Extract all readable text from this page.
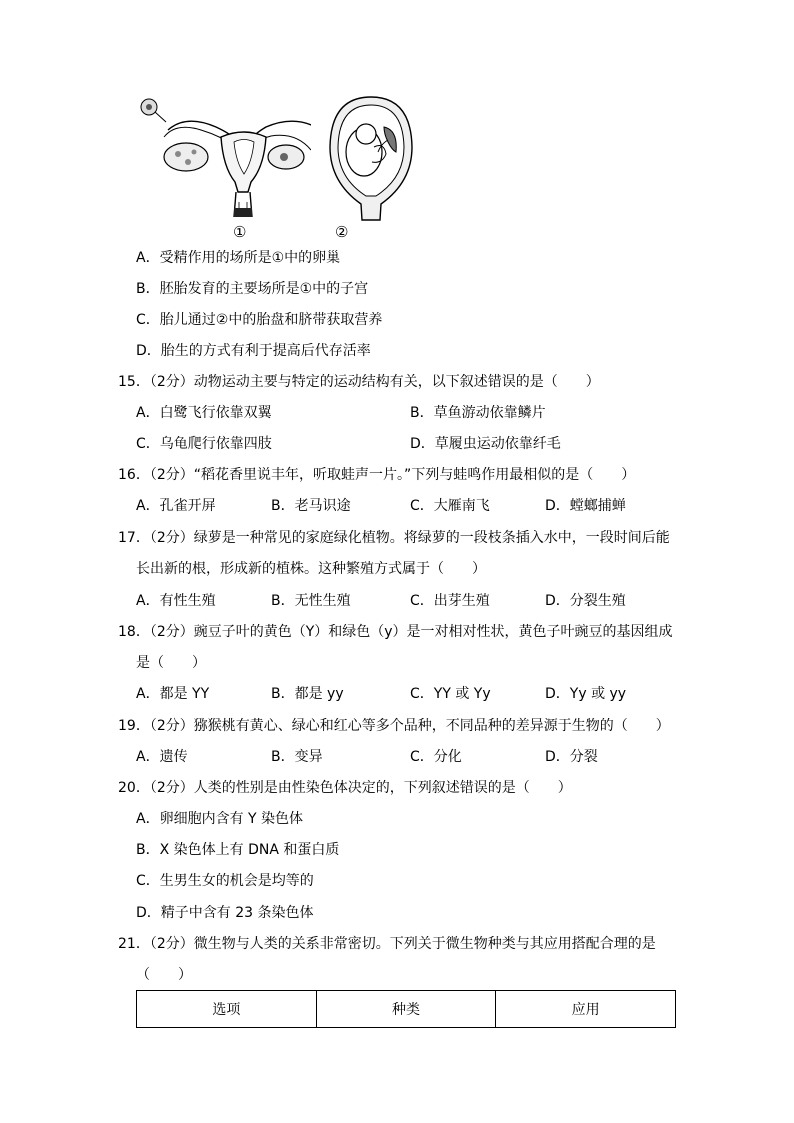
①	②
A．受精作用的场所是①中的卵巢
B．胚胎发育的主要场所是①中的子宫
C．胎儿通过②中的胎盘和脐带获取营养
D．胎生的方式有利于提高后代存活率
15．（2分）动物运动主要与特定的运动结构有关，以下叙述错误的是（　　）
A．白鹭飞行依靠双翼	B．草鱼游动依靠鳞片
C．乌龟爬行依靠四肢	D．草履虫运动依靠纤毛
16．（2分）“稻花香里说丰年，听取蛙声一片。”下列与蛙鸣作用最相似的是（　　）
A．孔雀开屏	B．老马识途	C．大雁南飞	D．螳螂捕蝉
17．（2分）绿萝是一种常见的家庭绿化植物。将绿萝的一段枝条插入水中，一段时间后能
长出新的根，形成新的植株。这种繁殖方式属于（　　）
A．有性生殖	B．无性生殖	C．出芽生殖	D．分裂生殖
18．（2分）豌豆子叶的黄色（Y）和绿色（y）是一对相对性状，黄色子叶豌豆的基因组成
是（　　）
A．都是 YY	B．都是 yy	C．YY 或 Yy	D．Yy 或 yy
19．（2分）猕猴桃有黄心、绿心和红心等多个品种，不同品种的差异源于生物的（　　）
A．遗传	B．变异	C．分化	D．分裂
20．（2分）人类的性别是由性染色体决定的，下列叙述错误的是（　　）
A．卵细胞内含有 Y 染色体
B．X 染色体上有 DNA 和蛋白质
C．生男生女的机会是均等的
D．精子中含有 23 条染色体
21．（2分）微生物与人类的关系非常密切。下列关于微生物种类与其应用搭配合理的是
（　　）
选项	种类	应用
